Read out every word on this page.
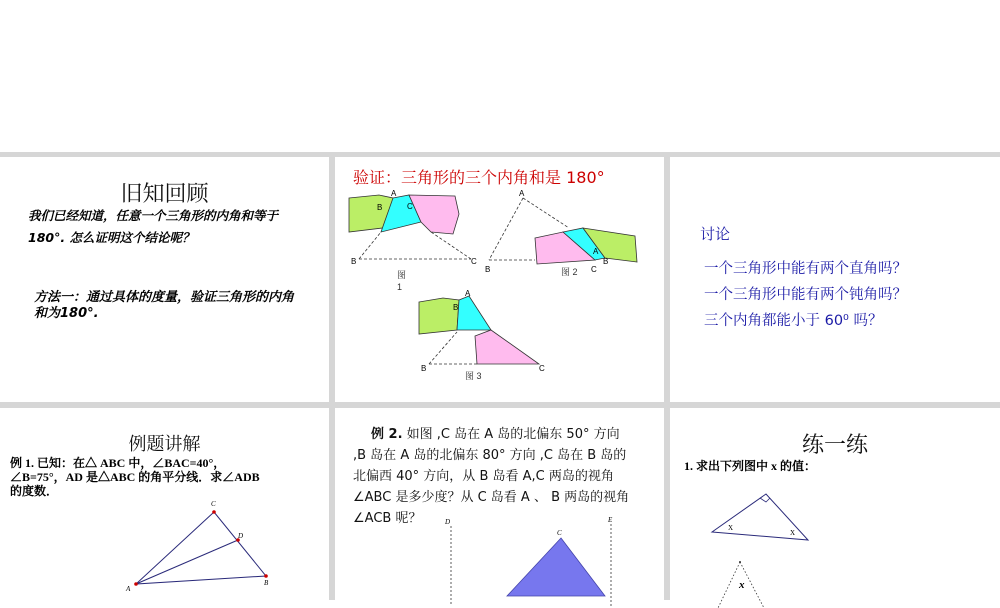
旧知回顾
我们已经知道，任意一个三角形的内角和等于180°. 怎么证明这个结论呢？
方法一：通过具体的度量，验证三角形的内角和为180°.
验证：三角形的三个内角和是 180°
A
B	C
B	C
图1
A
B	C
A
B
图 2
A
B
B	C
图 3
讨论
一个三角形中能有两个直角吗？
一个三角形中能有两个钝角吗？
三个内角都能小于 60⁰ 吗？
例题讲解
例 1. 已知：在△ ABC 中，∠BAC=40°，∠B=75°，AD 是△ABC 的角平分线．求∠ADB 的度数．
C
A
B
D
例 2. 如图 ,C 岛在 A 岛的北偏东 50° 方向 ,B 岛在 A 岛的北偏东 80° 方向 ,C 岛在 B 岛的北偏西 40° 方向，从 B 岛看 A,C 两岛的视角∠ABC 是多少度？从 C 岛看 A 、 B 两岛的视角∠ACB 呢？	D	E
C
练一练
1. 求出下列图中 x 的值：
X
X
x
